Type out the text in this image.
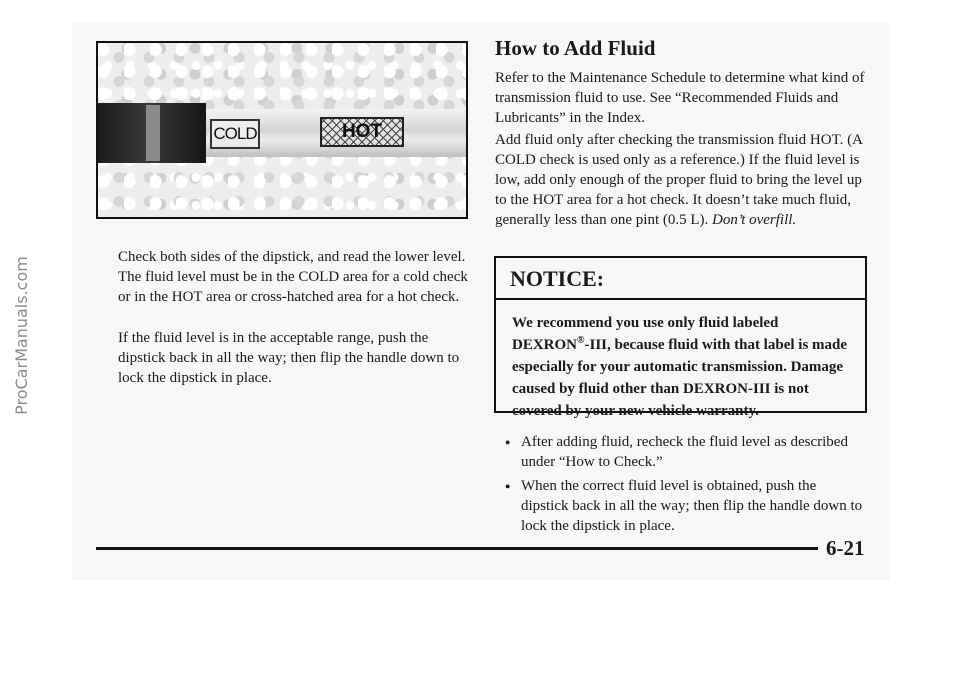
ProCarManuals.com
COLD	HOT

Check both sides of the dipstick, and read the lower level. The fluid level must be in the COLD area for a cold check or in the HOT area or cross-hatched area for a hot check.

If the fluid level is in the acceptable range, push the dipstick back in all the way; then flip the handle down to lock the dipstick in place.

How to Add Fluid

Refer to the Maintenance Schedule to determine what kind of transmission fluid to use. See “Recommended Fluids and Lubricants” in the Index.

Add fluid only after checking the transmission fluid HOT. (A COLD check is used only as a reference.) If the fluid level is low, add only enough of the proper fluid to bring the level up to the HOT area for a hot check. It doesn’t take much fluid, generally less than one pint (0.5 L). Don’t overfill.

NOTICE:

We recommend you use only fluid labeled DEXRON®-III, because fluid with that label is made especially for your automatic transmission. Damage caused by fluid other than DEXRON-III is not covered by your new vehicle warranty.

● After adding fluid, recheck the fluid level as described under “How to Check.”

● When the correct fluid level is obtained, push the dipstick back in all the way; then flip the handle down to lock the dipstick in place.

6-21
